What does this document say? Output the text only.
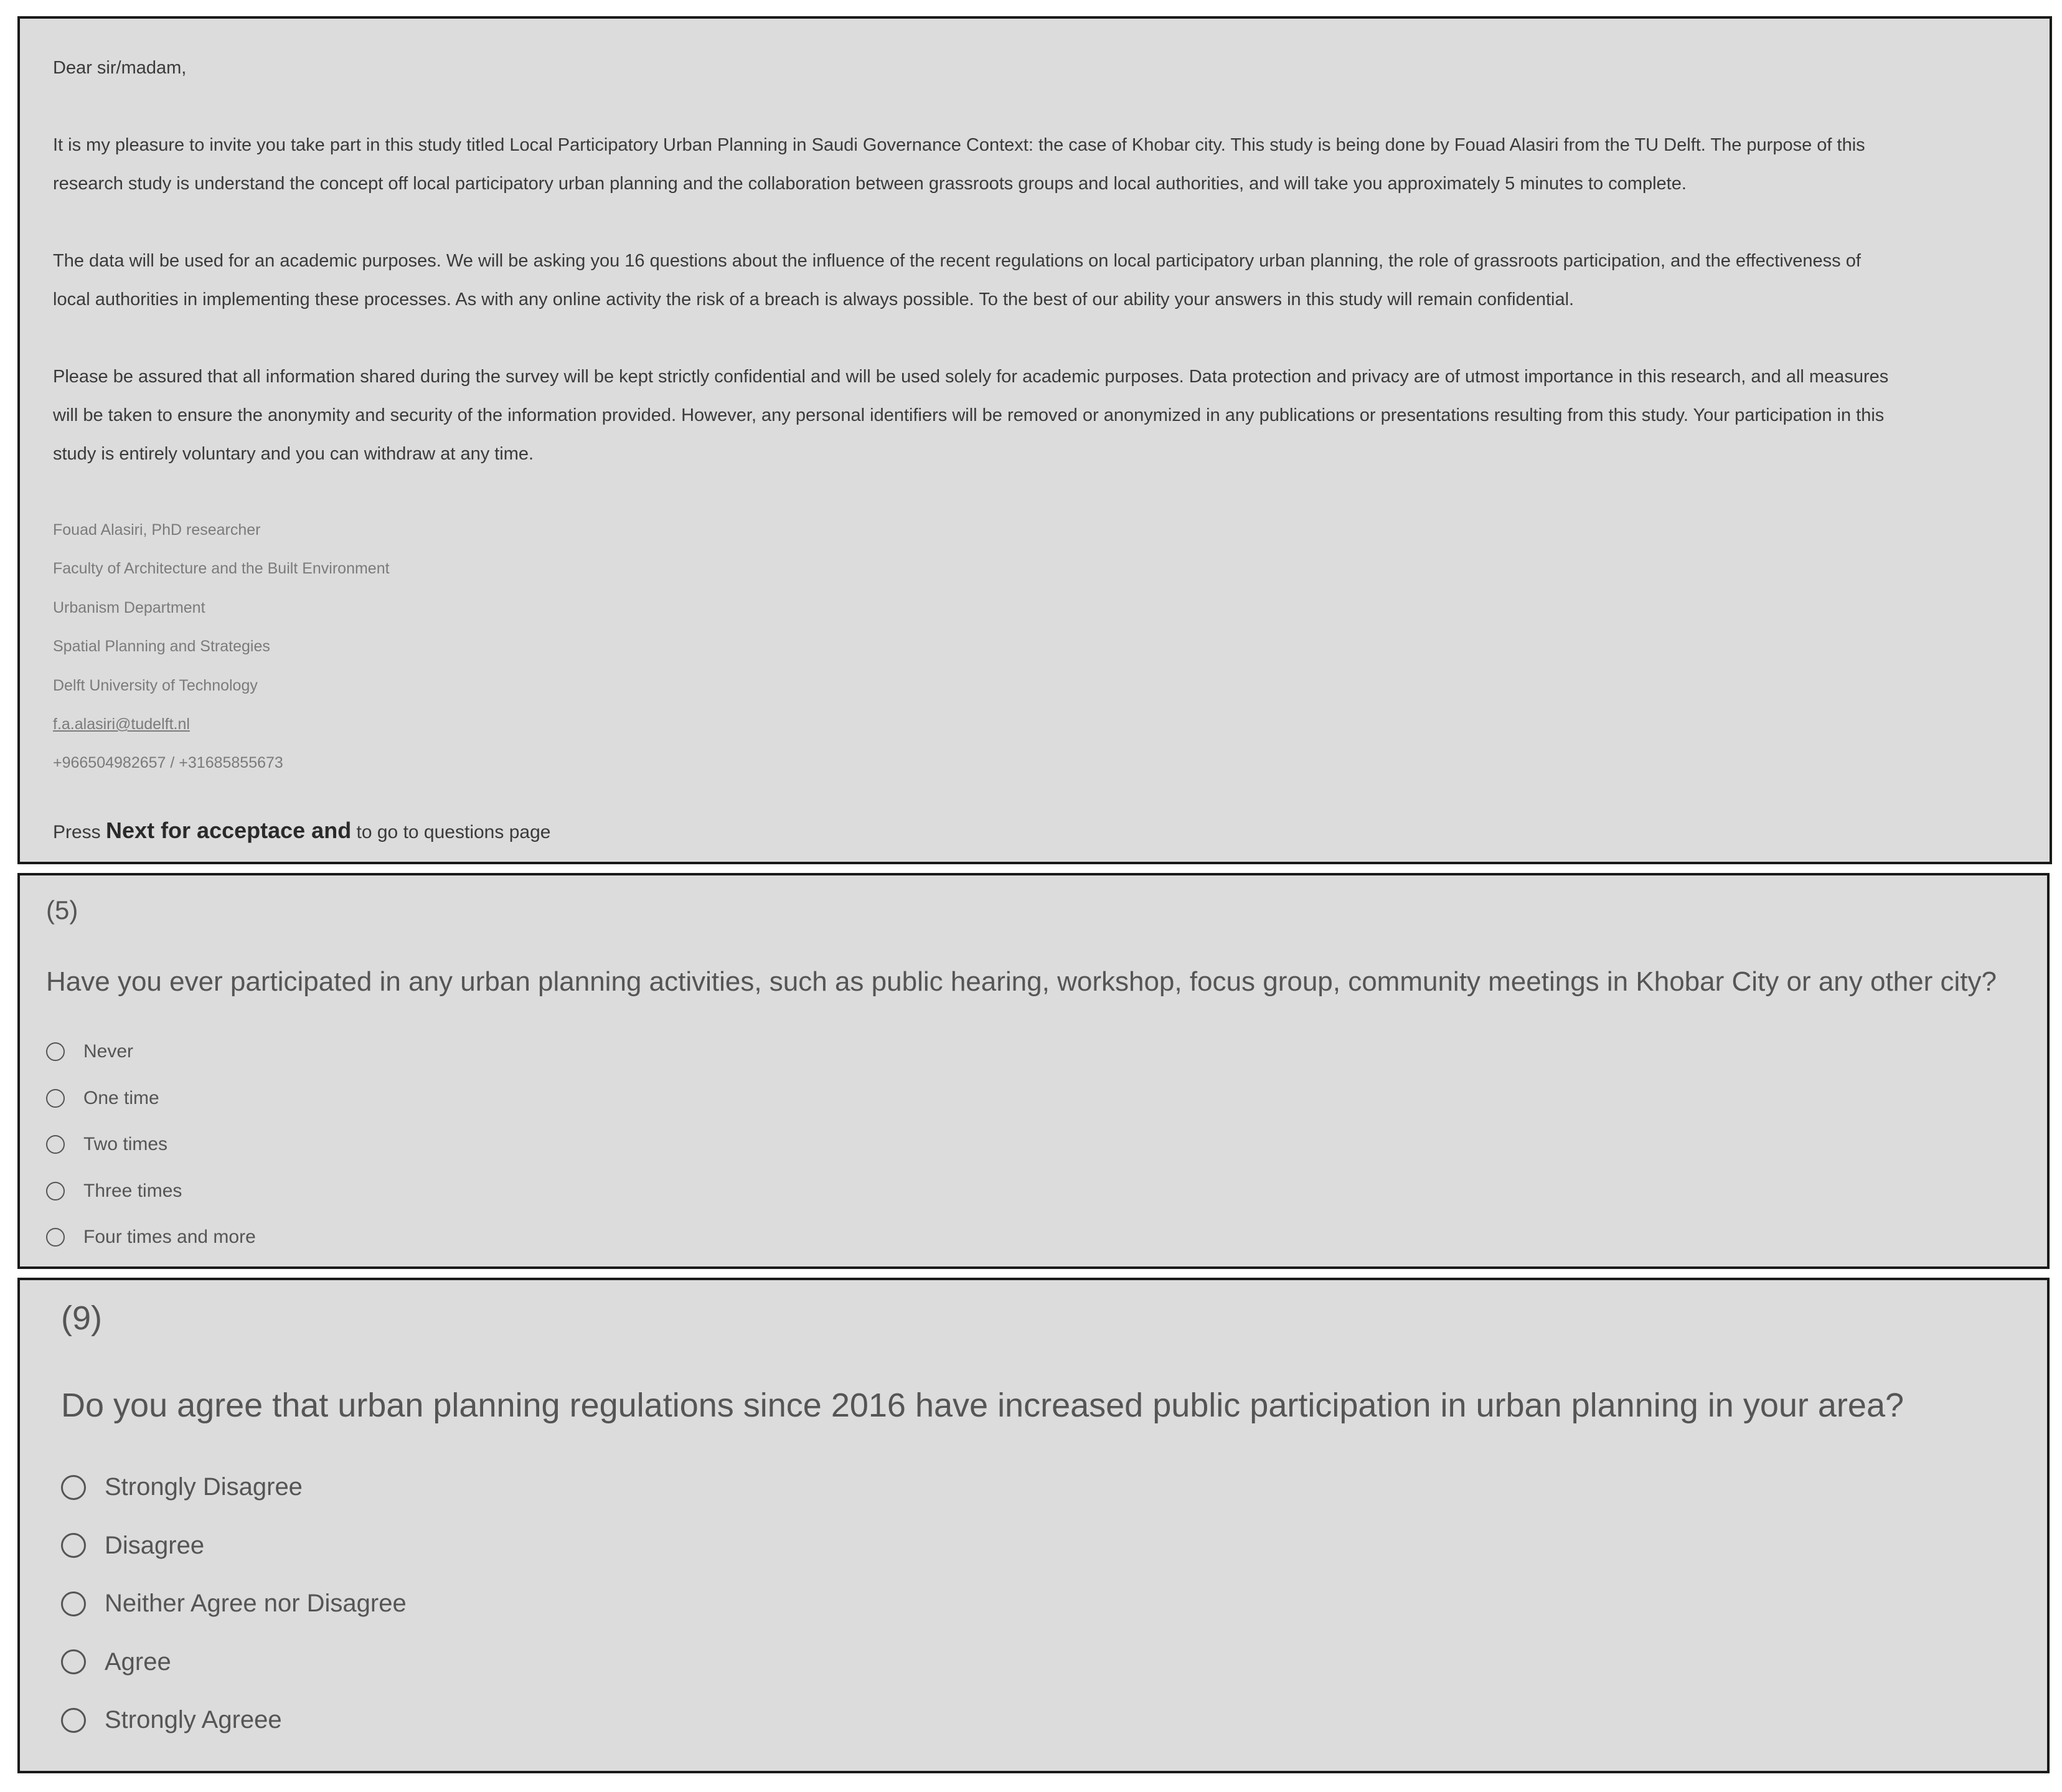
Dear sir/madam,

It is my pleasure to invite you take part in this study titled Local Participatory Urban Planning in Saudi Governance Context: the case of Khobar city. This study is being done by Fouad Alasiri from the TU Delft. The purpose of this

research study is understand the concept off local participatory urban planning and the collaboration between grassroots groups and local authorities, and will take you approximately 5 minutes to complete.

The data will be used for an academic purposes. We will be asking you 16 questions about the influence of the recent regulations on local participatory urban planning, the role of grassroots participation, and the effectiveness of

local authorities in implementing these processes. As with any online activity the risk of a breach is always possible. To the best of our ability your answers in this study will remain confidential.

Please be assured that all information shared during the survey will be kept strictly confidential and will be used solely for academic purposes. Data protection and privacy are of utmost importance in this research, and all measures

will be taken to ensure the anonymity and security of the information provided. However, any personal identifiers will be removed or anonymized in any publications or presentations resulting from this study. Your participation in this

study is entirely voluntary and you can withdraw at any time.

Fouad Alasiri, PhD researcher
Faculty of Architecture and the Built Environment
Urbanism Department
Spatial Planning and Strategies
Delft University of Technology
f.a.alasiri@tudelft.nl
+966504982657 / +31685855673
Press Next for acceptace and to go to questions page
(5)
Have you ever participated in any urban planning activities, such as public hearing, workshop, focus group, community meetings in Khobar City or any other city?
Never
One time
Two times
Three times
Four times and more
(9)
Do you agree that urban planning regulations since 2016 have increased public participation in urban planning in your area?
Strongly Disagree
Disagree
Neither Agree nor Disagree
Agree
Strongly Agreee
